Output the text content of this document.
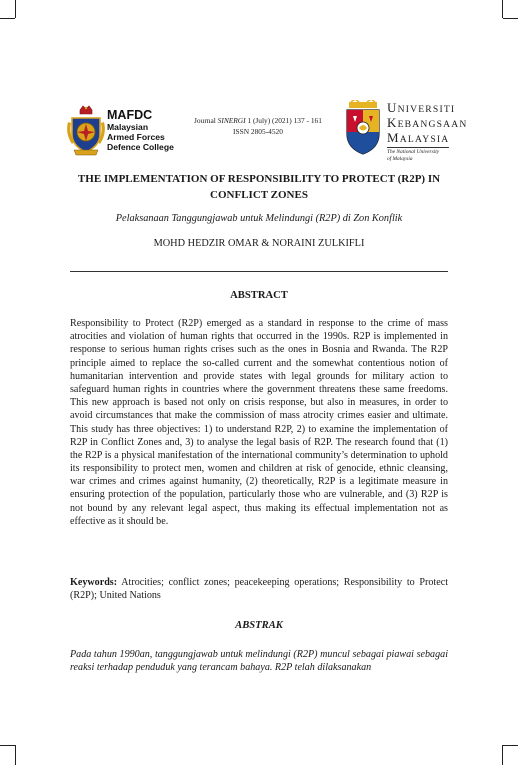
MAFDC
Malaysian
Armed Forces
Defence College
Journal SINERGI 1 (July) (2021) 137 - 161
ISSN 2805-4520
UNIVERSITI
KEBANGSAAN
MALAYSIA
The National University
of Malaysia
THE IMPLEMENTATION OF RESPONSIBILITY TO PROTECT (R2P) IN
CONFLICT ZONES
Pelaksanaan Tanggungjawab untuk Melindungi (R2P) di Zon Konflik
MOHD HEDZIR OMAR & NORAINI ZULKIFLI
ABSTRACT
Responsibility to Protect (R2P) emerged as a standard in response to the crime of mass atrocities and violation of human rights that occurred in the 1990s. R2P is implemented in response to serious human rights crises such as the ones in Bosnia and Rwanda. The R2P principle aimed to replace the so-called current and the somewhat contentious notion of humanitarian intervention and provide states with legal grounds for military action to safeguard human rights in countries where the government threatens these same freedoms. This new approach is based not only on crisis response, but also in measures, in order to avoid circumstances that make the commission of mass atrocity crimes easier and ultimate. This study has three objectives: 1) to understand R2P, 2) to examine the implementation of R2P in Conflict Zones and, 3) to analyse the legal basis of R2P. The research found that (1) the R2P is a physical manifestation of the international community’s determination to uphold its responsibility to protect men, women and children at risk of genocide, ethnic cleansing, war crimes and crimes against humanity, (2) theoretically, R2P is a legitimate measure in ensuring protection of the population, particularly those who are vulnerable, and (3) R2P is not bound by any relevant legal aspect, thus making its effectual implementation not as effective as it should be.
Keywords: Atrocities; conflict zones; peacekeeping operations; Responsibility to Protect (R2P); United Nations
ABSTRAK
Pada tahun 1990an, tanggungjawab untuk melindungi (R2P) muncul sebagai piawai sebagai reaksi terhadap penduduk yang terancam bahaya. R2P telah dilaksanakan
